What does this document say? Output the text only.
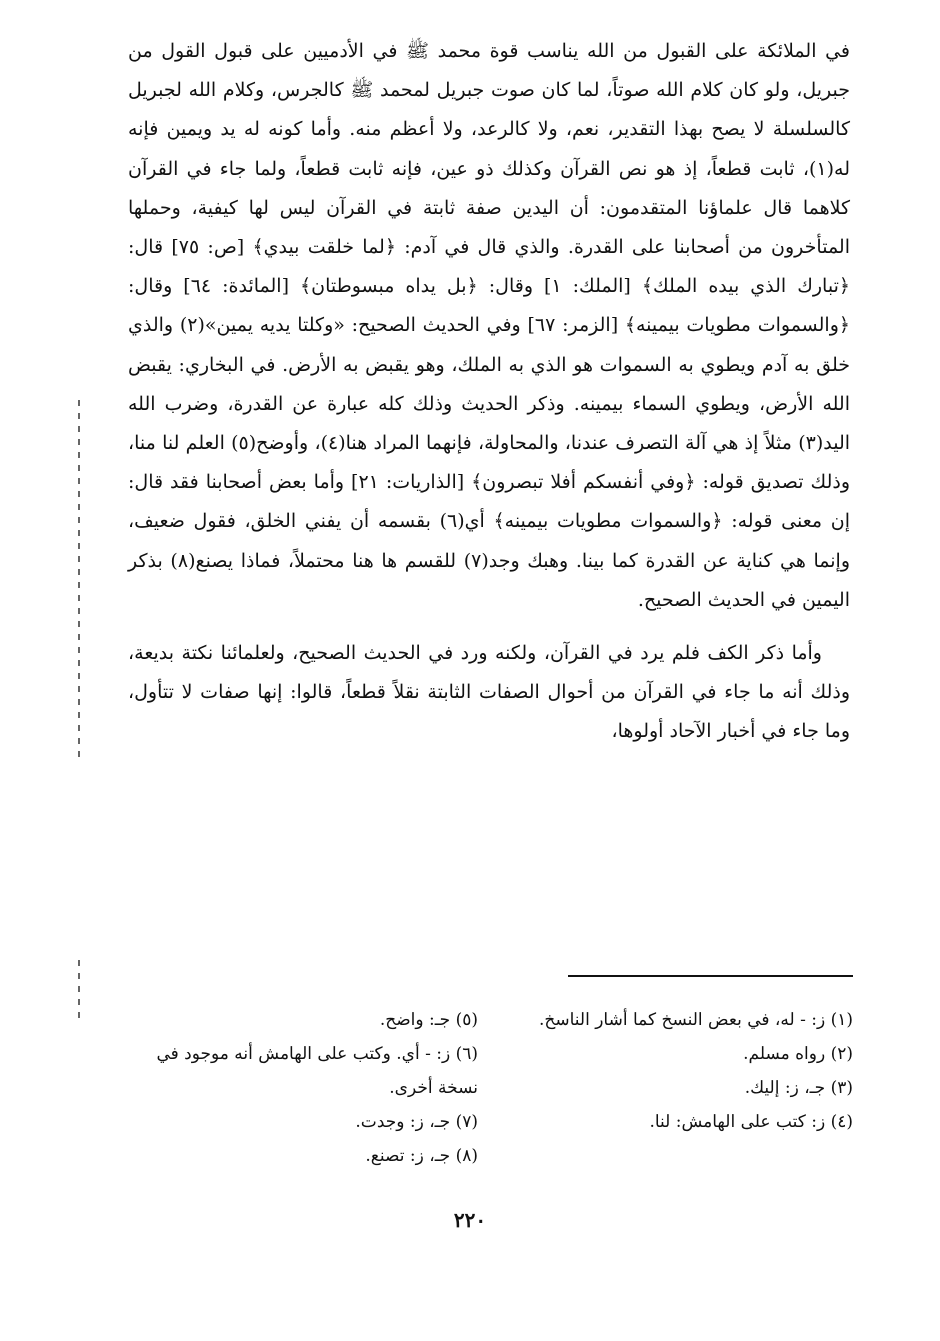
في الملائكة على القبول من الله يناسب قوة محمد ﷺ في الأدميين على قبول القول من جبريل، ولو كان كلام الله صوتاً، لما كان صوت جبريل لمحمد ﷺ كالجرس، وكلام الله لجبريل كالسلسلة لا يصح بهذا التقدير، نعم، ولا كالرعد، ولا أعظم منه. وأما كونه له يد ويمين فإنه له(١)، ثابت قطعاً، إذ هو نص القرآن وكذلك ذو عين، فإنه ثابت قطعاً، ولما جاء في القرآن كلاهما قال علماؤنا المتقدمون: أن اليدين صفة ثابتة في القرآن ليس لها كيفية، وحملها المتأخرون من أصحابنا على القدرة. والذي قال في آدم: ﴿لما خلقت بيدي﴾ [ص: ٧٥] قال: ﴿تبارك الذي بيده الملك﴾ [الملك: ١] وقال: ﴿بل يداه مبسوطتان﴾ [المائدة: ٦٤] وقال: ﴿والسموات مطويات بيمينه﴾ [الزمر: ٦٧] وفي الحديث الصحيح: «وكلتا يديه يمين»(٢) والذي خلق به آدم ويطوي به السموات هو الذي به الملك، وهو يقبض به الأرض. في البخاري: يقبض الله الأرض، ويطوي السماء بيمينه. وذكر الحديث وذلك كله عبارة عن القدرة، وضرب الله اليد(٣) مثلاً إذ هي آلة التصرف عندنا، والمحاولة، فإنهما المراد هنا(٤)، وأوضح(٥) العلم لنا منا، وذلك تصديق قوله: ﴿وفي أنفسكم أفلا تبصرون﴾ [الذاريات: ٢١] وأما بعض أصحابنا فقد قال: إن معنى قوله: ﴿والسموات مطويات بيمينه﴾ أي(٦) بقسمه أن يفني الخلق، فقول ضعيف، وإنما هي كناية عن القدرة كما بينا. وهبك وجد(٧) للقسم ها هنا محتملاً، فماذا يصنع(٨) بذكر اليمين في الحديث الصحيح.

وأما ذكر الكف فلم يرد في القرآن، ولكنه ورد في الحديث الصحيح، ولعلمائنا نكتة بديعة، وذلك أنه ما جاء في القرآن من أحوال الصفات الثابتة نقلاً قطعاً، قالوا: إنها صفات لا تتأول، وما جاء في أخبار الآحاد أولوها،

(١) ز: - له، في بعض النسخ كما أشار الناسخ.
(٢) رواه مسلم.
(٣) جـ، ز: إليك.
(٤) ز: كتب على الهامش: لنا.
(٥) جـ: واضح.
(٦) ز: - أي. وكتب على الهامش أنه موجود في نسخة أخرى.
(٧) جـ، ز: وجدت.
(٨) جـ، ز: تصنع.
٢٢٠
